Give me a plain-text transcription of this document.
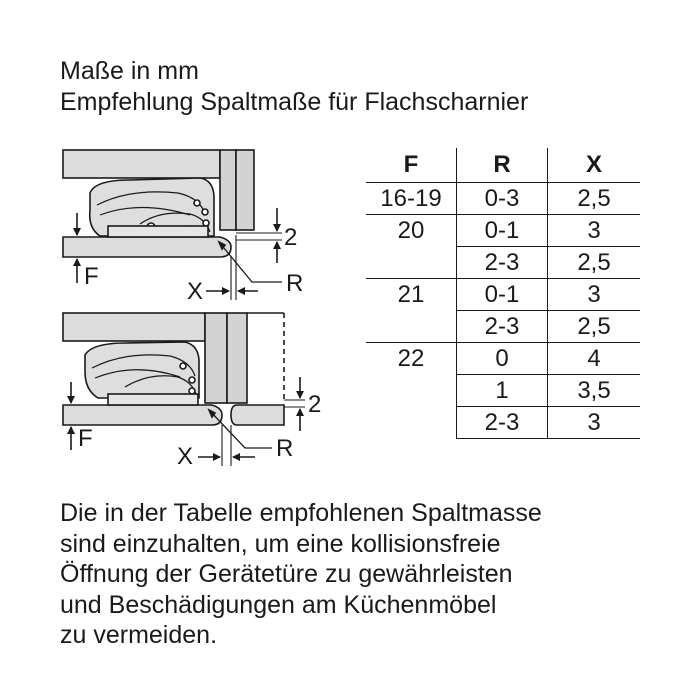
Maße in mm
Empfehlung Spaltmaße für Flachscharnier
F
2
X	R
F
2
X	R
F	R	X
16-19	0-3	2,5
20	0-1	3
	2-3	2,5
21	0-1	3
	2-3	2,5
22	0	4
	1	3,5
	2-3	3
Die in der Tabelle empfohlenen Spaltmasse
sind einzuhalten, um eine kollisionsfreie
Öffnung der Gerätetüre zu gewährleisten
und Beschädigungen am Küchenmöbel
zu vermeiden.
